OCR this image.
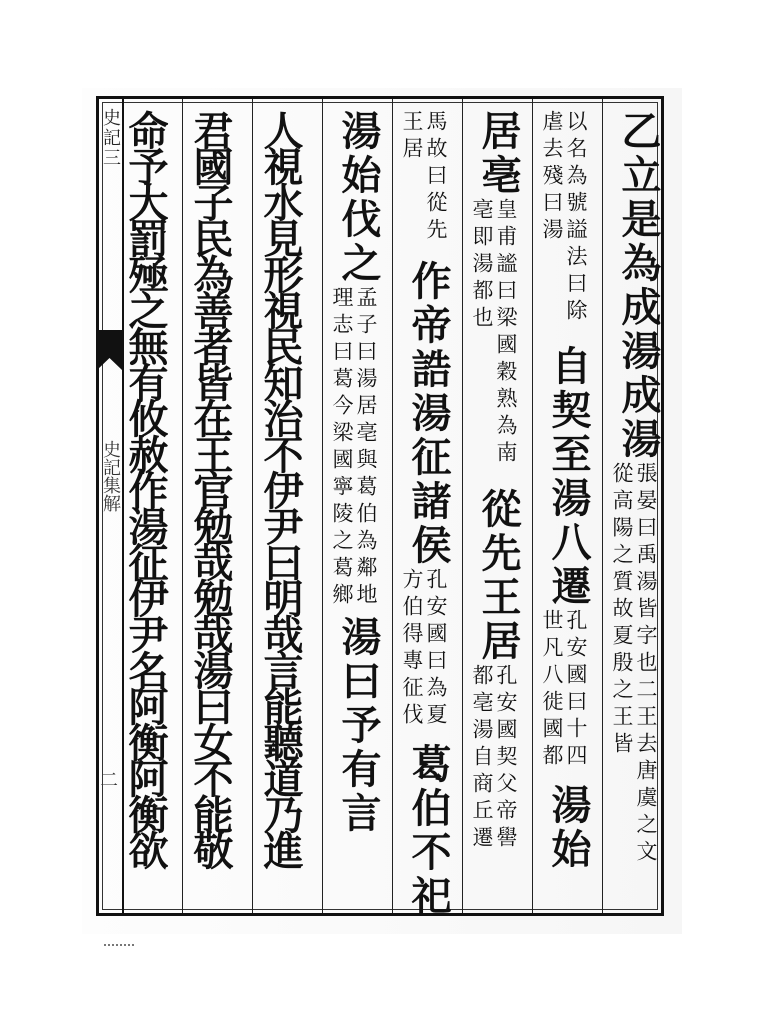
史記三
史記集解
二
乙立是為成湯成湯張晏曰禹湯皆字也二王去唐虞之文從高陽之質故夏殷之王皆
以名為號謚法曰除虐去殘曰湯自契至湯八遷孔安國曰十四世凡八徙國都湯始
居亳皇甫謐曰梁國穀熟為南亳即湯都也從先王居孔安國契父帝嚳都亳湯自商丘遷
馬故曰從先王居作帝誥湯征諸侯孔安國曰為夏方伯得專征伐葛伯不祀
湯始伐之孟子曰湯居亳與葛伯為鄰地理志曰葛今梁國寧陵之葛鄉湯曰予有言
人視水見形視民知治不伊尹曰明哉言能聽道乃進
君國子民為善者皆在王官勉哉勉哉湯曰女不能敬
命予大罰殛之無有攸赦作湯征伊尹名阿衡阿衡欲
